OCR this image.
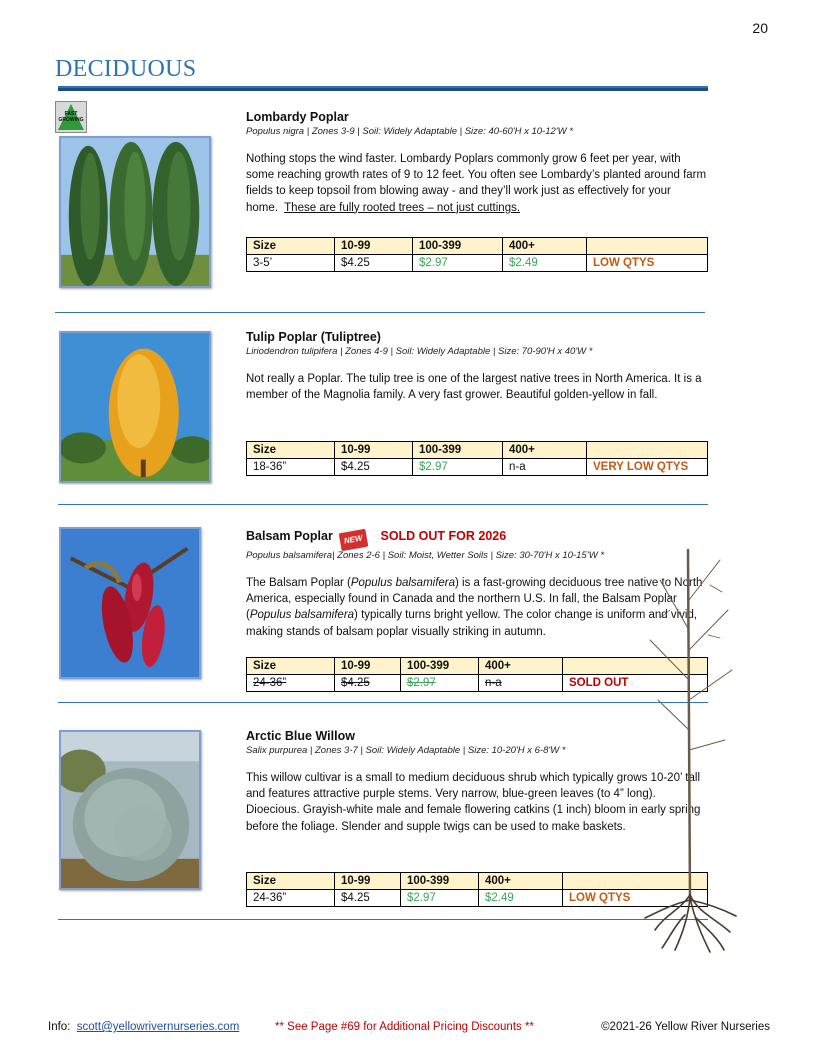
20
DECIDUOUS
FAST
GROWING	Lombardy Poplar
Populus nigra | Zones 3-9 | Soil: Widely Adaptable | Size: 40-60'H x 10-12'W *
Nothing stops the wind faster. Lombardy Poplars commonly grow 6 feet per year, with some reaching growth rates of 9 to 12 feet. You often see Lombardy’s planted around farm fields to keep topsoil from blowing away - and they’ll work just as effectively for your home. These are fully rooted trees – not just cuttings.
Size	10-99	100-399	400+	
3-5’	$4.25	$2.97	$2.49	LOW QTYS
Tulip Poplar (Tuliptree)
Liriodendron tulipifera | Zones 4-9 | Soil: Widely Adaptable | Size: 70-90'H x 40'W *
Not really a Poplar. The tulip tree is one of the largest native trees in North America. It is a member of the Magnolia family. A very fast grower. Beautiful golden-yellow in fall.
Size	10-99	100-399	400+	
18-36”	$4.25	$2.97	n-a	VERY LOW QTYS
Balsam Poplar NEW SOLD OUT FOR 2026
Populus balsamifera| Zones 2-6 | Soil: Moist, Wetter Soils | Size: 30-70'H x 10-15’W *
The Balsam Poplar (Populus balsamifera) is a fast-growing deciduous tree native to North America, especially found in Canada and the northern U.S. In fall, the Balsam Poplar (Populus balsamifera) typically turns bright yellow. The color change is uniform and vivid, making stands of balsam poplar visually striking in autumn.
Size	10-99	100-399	400+	
24-36”	$4.25	$2.97	n-a	SOLD OUT
Arctic Blue Willow
Salix purpurea | Zones 3-7 | Soil: Widely Adaptable | Size: 10-20'H x 6-8'W *
This willow cultivar is a small to medium deciduous shrub which typically grows 10-20’ tall and features attractive purple stems. Very narrow, blue-green leaves (to 4” long). Dioecious. Grayish-white male and female flowering catkins (1 inch) bloom in early spring before the foliage. Slender and supple twigs can be used to make baskets.
Size	10-99	100-399	400+	
24-36”	$4.25	$2.97	$2.49	LOW QTYS
Info: scott@yellowrivernurseries.com	** See Page #69 for Additional Pricing Discounts **	©2021-26 Yellow River Nurseries
